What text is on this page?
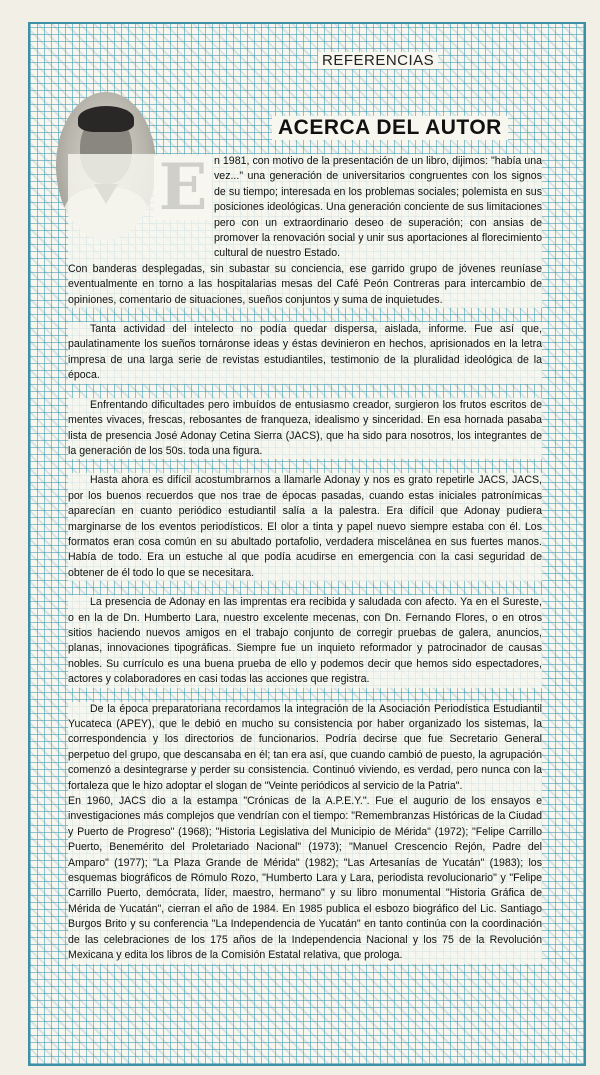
REFERENCIAS
ACERCA DEL AUTOR

n 1981, con motivo de la presentación de un libro, dijimos: "había una vez..." una generación de universitarios congruentes con los signos de su tiempo; interesada en los problemas sociales; polemista en sus posiciones ideológicas. Una generación conciente de sus limitaciones pero con un extraordinario deseo de superación; con ansias de promover la renovación social y unir sus aportaciones al florecimiento cultural de nuestro Estado.
Con banderas desplegadas, sin subastar su conciencia, ese garrido grupo de jóvenes reuníase eventualmente en torno a las hospitalarias mesas del Café Peón Contreras para intercambio de opiniones, comentario de situaciones, sueños conjuntos y suma de inquietudes.

Tanta actividad del intelecto no podía quedar dispersa, aislada, informe. Fue así que, paulatinamente los sueños tornáronse ideas y éstas devinieron en hechos, aprisionados en la letra impresa de una larga serie de revistas estudiantiles, testimonio de la pluralidad ideológica de la época.

Enfrentando dificultades pero imbuídos de entusiasmo creador, surgieron los frutos escritos de mentes vivaces, frescas, rebosantes de franqueza, idealismo y sinceridad. En esa hornada pasaba lista de presencia José Adonay Cetina Sierra (JACS), que ha sido para nosotros, los integrantes de la generación de los 50s. toda una figura.

Hasta ahora es difícil acostumbrarnos a llamarle Adonay y nos es grato repetirle JACS, JACS, por los buenos recuerdos que nos trae de épocas pasadas, cuando estas iniciales patronímicas aparecían en cuanto periódico estudiantil salía a la palestra. Era difícil que Adonay pudiera marginarse de los eventos periodísticos. El olor a tinta y papel nuevo siempre estaba con él. Los formatos eran cosa común en su abultado portafolio, verdadera miscelánea en sus fuertes manos. Había de todo. Era un estuche al que podía acudirse en emergencia con la casi seguridad de obtener de él todo lo que se necesitara.

La presencia de Adonay en las imprentas era recibida y saludada con afecto. Ya en el Sureste, o en la de Dn. Humberto Lara, nuestro excelente mecenas, con Dn. Fernando Flores, o en otros sitios haciendo nuevos amigos en el trabajo conjunto de corregir pruebas de galera, anuncios, planas, innovaciones tipográficas. Siempre fue un inquieto reformador y patrocinador de causas nobles. Su currículo es una buena prueba de ello y podemos decir que hemos sido espectadores, actores y colaboradores en casi todas las acciones que registra.

De la época preparatoriana recordamos la integración de la Asociación Periodística Estudiantil Yucateca (APEY), que le debió en mucho su consistencia por haber organizado los sistemas, la correspondencia y los directorios de funcionarios. Podría decirse que fue Secretario General perpetuo del grupo, que descansaba en él; tan era así, que cuando cambió de puesto, la agrupación comenzó a desintegrarse y perder su consistencia. Continuó viviendo, es verdad, pero nunca con la fortaleza que le hizo adoptar el slogan de "Veinte periódicos al servicio de la Patria".

En 1960, JACS dio a la estampa "Crónicas de la A.P.E.Y.". Fue el augurio de los ensayos e investigaciones más complejos que vendrían con el tiempo: "Remembranzas Históricas de la Ciudad y Puerto de Progreso" (1968); "Historia Legislativa del Municipio de Mérida" (1972); "Felipe Carrillo Puerto, Benemérito del Proletariado Nacional" (1973); "Manuel Crescencio Rejón, Padre del Amparo" (1977); "La Plaza Grande de Mérida" (1982); "Las Artesanías de Yucatán" (1983); los esquemas biográficos de Rómulo Rozo, "Humberto Lara y Lara, periodista revolucionario" y "Felipe Carrillo Puerto, demócrata, líder, maestro, hermano" y su libro monumental "Historia Gráfica de Mérida de Yucatán", cierran el año de 1984. En 1985 publica el esbozo biográfico del Lic. Santiago Burgos Brito y su conferencia "La Independencia de Yucatán" en tanto continúa con la coordinación de las celebraciones de los 175 años de la Independencia Nacional y los 75 de la Revolución Mexicana y edita los libros de la Comisión Estatal relativa, que prologa.
